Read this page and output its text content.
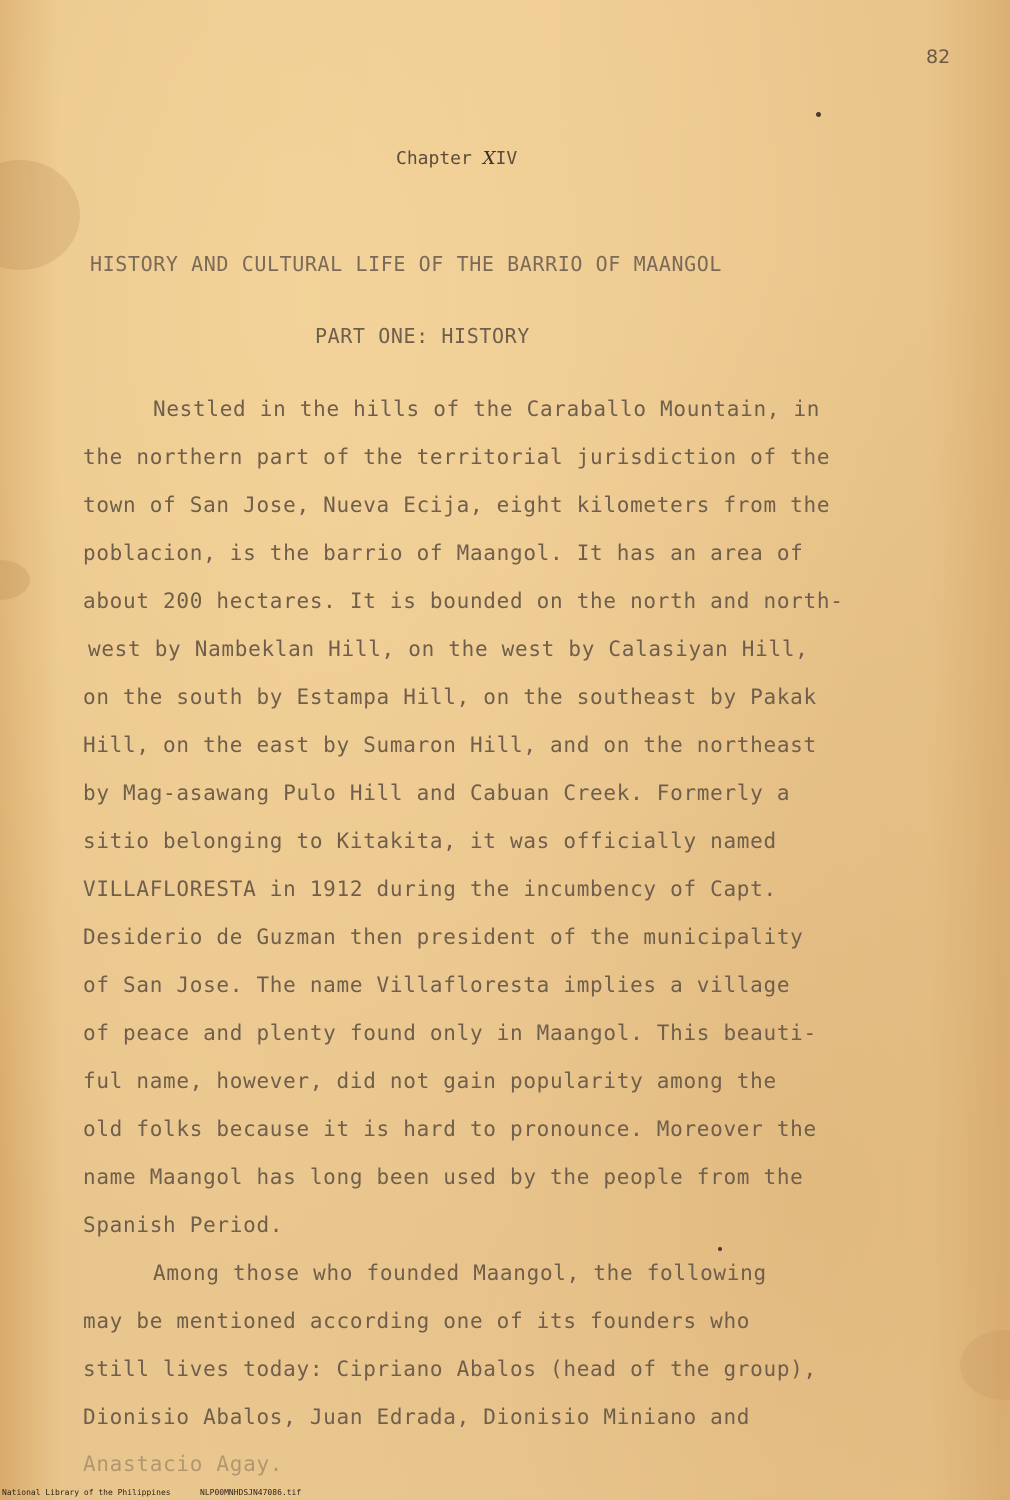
82
Chapter XIV
HISTORY AND CULTURAL LIFE OF THE BARRIO OF MAANGOL
PART ONE: HISTORY
Nestled in the hills of the Caraballo Mountain, in
the northern part of the territorial jurisdiction of the
town of San Jose, Nueva Ecija, eight kilometers from the
poblacion, is the barrio of Maangol. It has an area of
about 200 hectares. It is bounded on the north and north-
west by Nambeklan Hill, on the west by Calasiyan Hill,
on the south by Estampa Hill, on the southeast by Pakak
Hill, on the east by Sumaron Hill, and on the northeast
by Mag-asawang Pulo Hill and Cabuan Creek. Formerly a
sitio belonging to Kitakita, it was officially named
VILLAFLORESTA in 1912 during the incumbency of Capt.
Desiderio de Guzman then president of the municipality
of San Jose. The name Villafloresta implies a village
of peace and plenty found only in Maangol. This beauti-
ful name, however, did not gain popularity among the
old folks because it is hard to pronounce. Moreover the
name Maangol has long been used by the people from the
Spanish Period.
Among those who founded Maangol, the following
may be mentioned according one of its founders who
still lives today: Cipriano Abalos (head of the group),
Dionisio Abalos, Juan Edrada, Dionisio Miniano and
Anastacio Agay.
National Library of the Philippines	NLP00MNHDSJN47086.tif
